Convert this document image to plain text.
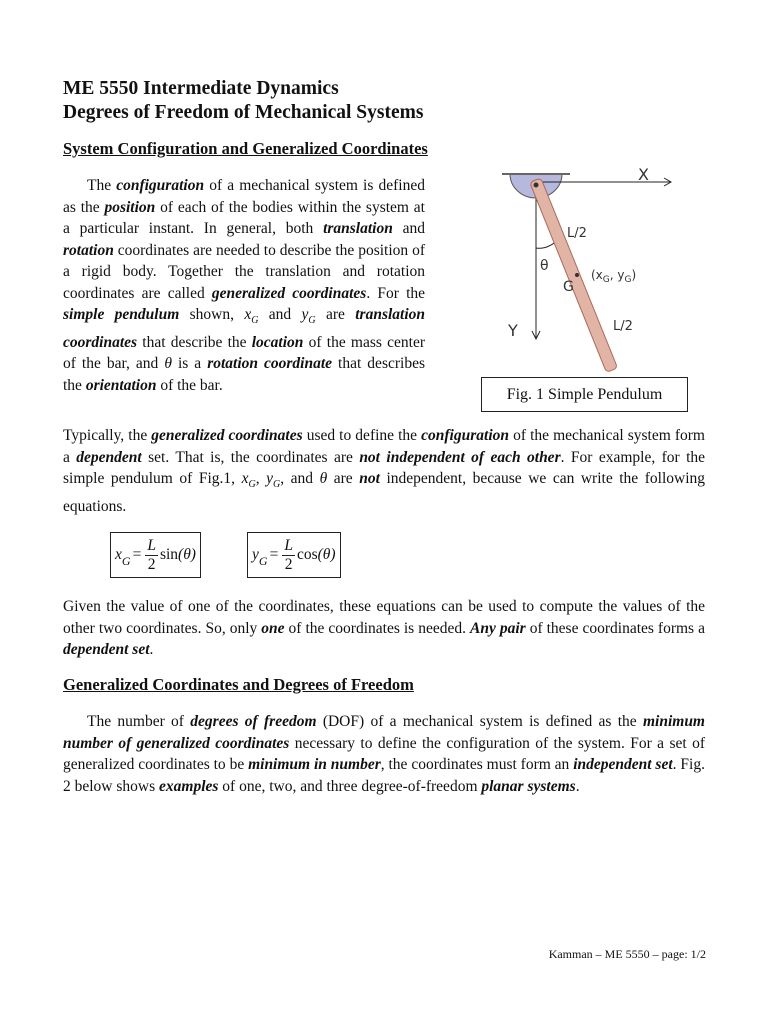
ME 5550 Intermediate Dynamics
Degrees of Freedom of Mechanical Systems
System Configuration and Generalized Coordinates
The configuration of a mechanical system is defined as the position of each of the bodies within the system at a particular instant. In general, both translation and rotation coordinates are needed to describe the position of a rigid body. Together the translation and rotation coordinates are called generalized coordinates. For the simple pendulum shown, $x_G$ and $y_G$ are translation coordinates that describe the location of the mass center of the bar, and θ is a rotation coordinate that describes the orientation of the bar.
X
Y
θ
L/2
G
($x_G$, $y_G$)
L/2
Fig. 1 Simple Pendulum
Typically, the generalized coordinates used to define the configuration of the mechanical system form a dependent set. That is, the coordinates are not independent of each other. For example, for the simple pendulum of Fig.1, $x_G$, $y_G$, and θ are not independent, because we can write the following equations.
$x_G = \frac{L}{2}$ sin (θ)	$y_G = \frac{L}{2}$ cos (θ)
Given the value of one of the coordinates, these equations can be used to compute the values of the other two coordinates. So, only one of the coordinates is needed. Any pair of these coordinates forms a dependent set.
Generalized Coordinates and Degrees of Freedom
The number of degrees of freedom (DOF) of a mechanical system is defined as the minimum number of generalized coordinates necessary to define the configuration of the system. For a set of generalized coordinates to be minimum in number, the coordinates must form an independent set. Fig. 2 below shows examples of one, two, and three degree-of-freedom planar systems.
Kamman – ME 5550 – page: 1/2
